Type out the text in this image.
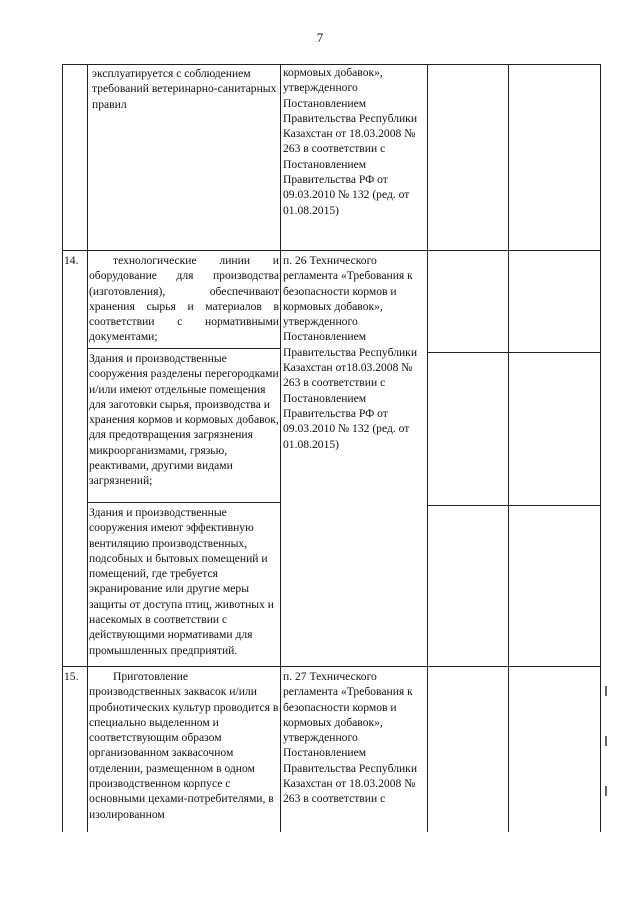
7
эксплуатируется с соблюдением требований ветеринарно-санитарных правил
кормовых добавок», утвержденного Постановлением Правительства Республики Казахстан от 18.03.2008 № 263 в соответствии с Постановлением Правительства РФ от 09.03.2010 № 132 (ред. от 01.08.2015)
14.	технологические линии и оборудование для производства (изготовления), обеспечивают хранения сырья и материалов в соответствии с нормативными документами;
Здания и производственные сооружения разделены перегородками и/или имеют отдельные помещения для заготовки сырья, производства и хранения кормов и кормовых добавок, для предотвращения загрязнения микроорганизмами, грязью, реактивами, другими видами загрязнений;
Здания и производственные сооружения имеют эффективную вентиляцию производственных, подсобных и бытовых помещений и помещений, где требуется экранирование или другие меры защиты от доступа птиц, животных и насекомых в соответствии с действующими нормативами для промышленных предприятий.
п. 26 Технического регламента «Требования к безопасности кормов и кормовых добавок», утвержденного Постановлением Правительства Республики Казахстан от18.03.2008 № 263 в соответствии с Постановлением Правительства РФ от 09.03.2010 № 132 (ред. от 01.08.2015)
15.	Приготовление производственных заквасок и/или пробиотических культур проводится в специально выделенном и соответствующим образом организованном заквасочном отделении, размещенном в одном производственном корпусе с основными цехами-потребителями, в изолированном
п. 27 Технического регламента «Требования к безопасности кормов и кормовых добавок», утвержденного Постановлением Правительства Республики Казахстан от 18.03.2008 № 263 в соответствии с
